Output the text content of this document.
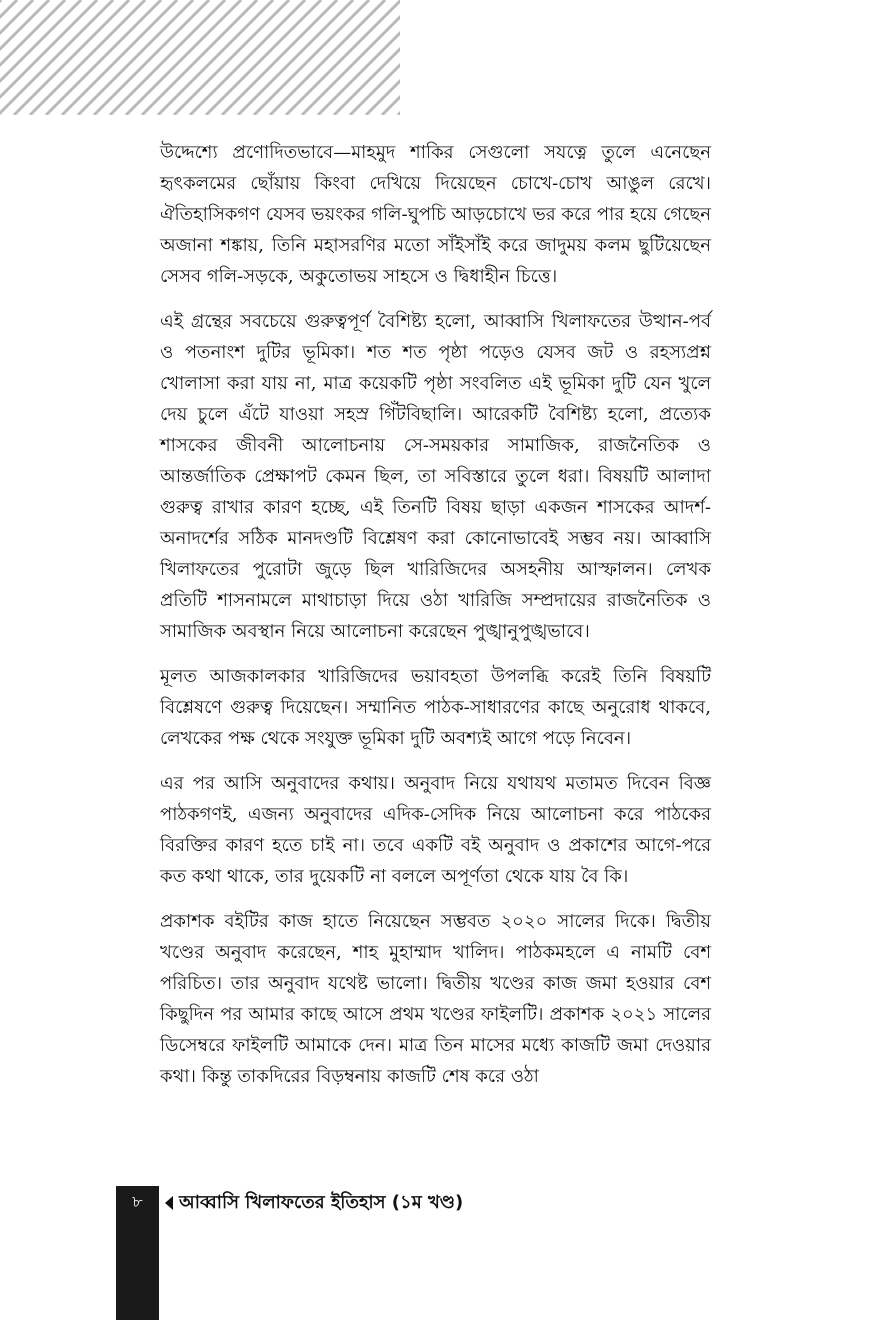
উদ্দেশ্যে প্রণোদিতভাবে—মাহমুদ শাকির সেগুলো সযত্নে তুলে এনেছেন হৃৎকলমের ছোঁয়ায় কিংবা দেখিয়ে দিয়েছেন চোখে-চোখ আঙুল রেখে। ঐতিহাসিকগণ যেসব ভয়ংকর গলি-ঘুপচি আড়চোখে ভর করে পার হয়ে গেছেন অজানা শঙ্কায়, তিনি মহাসরণির মতো সাঁইসাঁই করে জাদুময় কলম ছুটিয়েছেন সেসব গলি-সড়কে, অকুতোভয় সাহসে ও দ্বিধাহীন চিত্তে।

এই গ্রন্থের সবচেয়ে গুরুত্বপূর্ণ বৈশিষ্ট্য হলো, আব্বাসি খিলাফতের উত্থান-পর্ব ও পতনাংশ দুটির ভূমিকা। শত শত পৃষ্ঠা পড়েও যেসব জট ও রহস্যপ্রশ্ন খোলাসা করা যায় না, মাত্র কয়েকটি পৃষ্ঠা সংবলিত এই ভূমিকা দুটি যেন খুলে দেয় চুলে এঁটে যাওয়া সহস্র গিঁটবিছালি। আরেকটি বৈশিষ্ট্য হলো, প্রত্যেক শাসকের জীবনী আলোচনায় সে-সময়কার সামাজিক, রাজনৈতিক ও আন্তর্জাতিক প্রেক্ষাপট কেমন ছিল, তা সবিস্তারে তুলে ধরা। বিষয়টি আলাদা গুরুত্ব রাখার কারণ হচ্ছে, এই তিনটি বিষয় ছাড়া একজন শাসকের আদর্শ-অনাদর্শের সঠিক মানদণ্ডটি বিশ্লেষণ করা কোনোভাবেই সম্ভব নয়। আব্বাসি খিলাফতের পুরোটা জুড়ে ছিল খারিজিদের অসহনীয় আস্ফালন। লেখক প্রতিটি শাসনামলে মাথাচাড়া দিয়ে ওঠা খারিজি সম্প্রদায়ের রাজনৈতিক ও সামাজিক অবস্থান নিয়ে আলোচনা করেছেন পুঙ্খানুপুঙ্খভাবে।

মূলত আজকালকার খারিজিদের ভয়াবহতা উপলব্ধি করেই তিনি বিষয়টি বিশ্লেষণে গুরুত্ব দিয়েছেন। সম্মানিত পাঠক-সাধারণের কাছে অনুরোধ থাকবে, লেখকের পক্ষ থেকে সংযুক্ত ভূমিকা দুটি অবশ্যই আগে পড়ে নিবেন।

এর পর আসি অনুবাদের কথায়। অনুবাদ নিয়ে যথাযথ মতামত দিবেন বিজ্ঞ পাঠকগণই, এজন্য অনুবাদের এদিক-সেদিক নিয়ে আলোচনা করে পাঠকের বিরক্তির কারণ হতে চাই না। তবে একটি বই অনুবাদ ও প্রকাশের আগে-পরে কত কথা থাকে, তার দুয়েকটি না বললে অপূর্ণতা থেকে যায় বৈ কি।

প্রকাশক বইটির কাজ হাতে নিয়েছেন সম্ভবত ২০২০ সালের দিকে। দ্বিতীয় খণ্ডের অনুবাদ করেছেন, শাহ মুহাম্মাদ খালিদ। পাঠকমহলে এ নামটি বেশ পরিচিত। তার অনুবাদ যথেষ্ট ভালো। দ্বিতীয় খণ্ডের কাজ জমা হওয়ার বেশ কিছুদিন পর আমার কাছে আসে প্রথম খণ্ডের ফাইলটি। প্রকাশক ২০২১ সালের ডিসেম্বরে ফাইলটি আমাকে দেন। মাত্র তিন মাসের মধ্যে কাজটি জমা দেওয়ার কথা। কিন্তু তাকদিরের বিড়ম্বনায় কাজটি শেষ করে ওঠা

৮	আব্বাসি খিলাফতের ইতিহাস (১ম খণ্ড)
